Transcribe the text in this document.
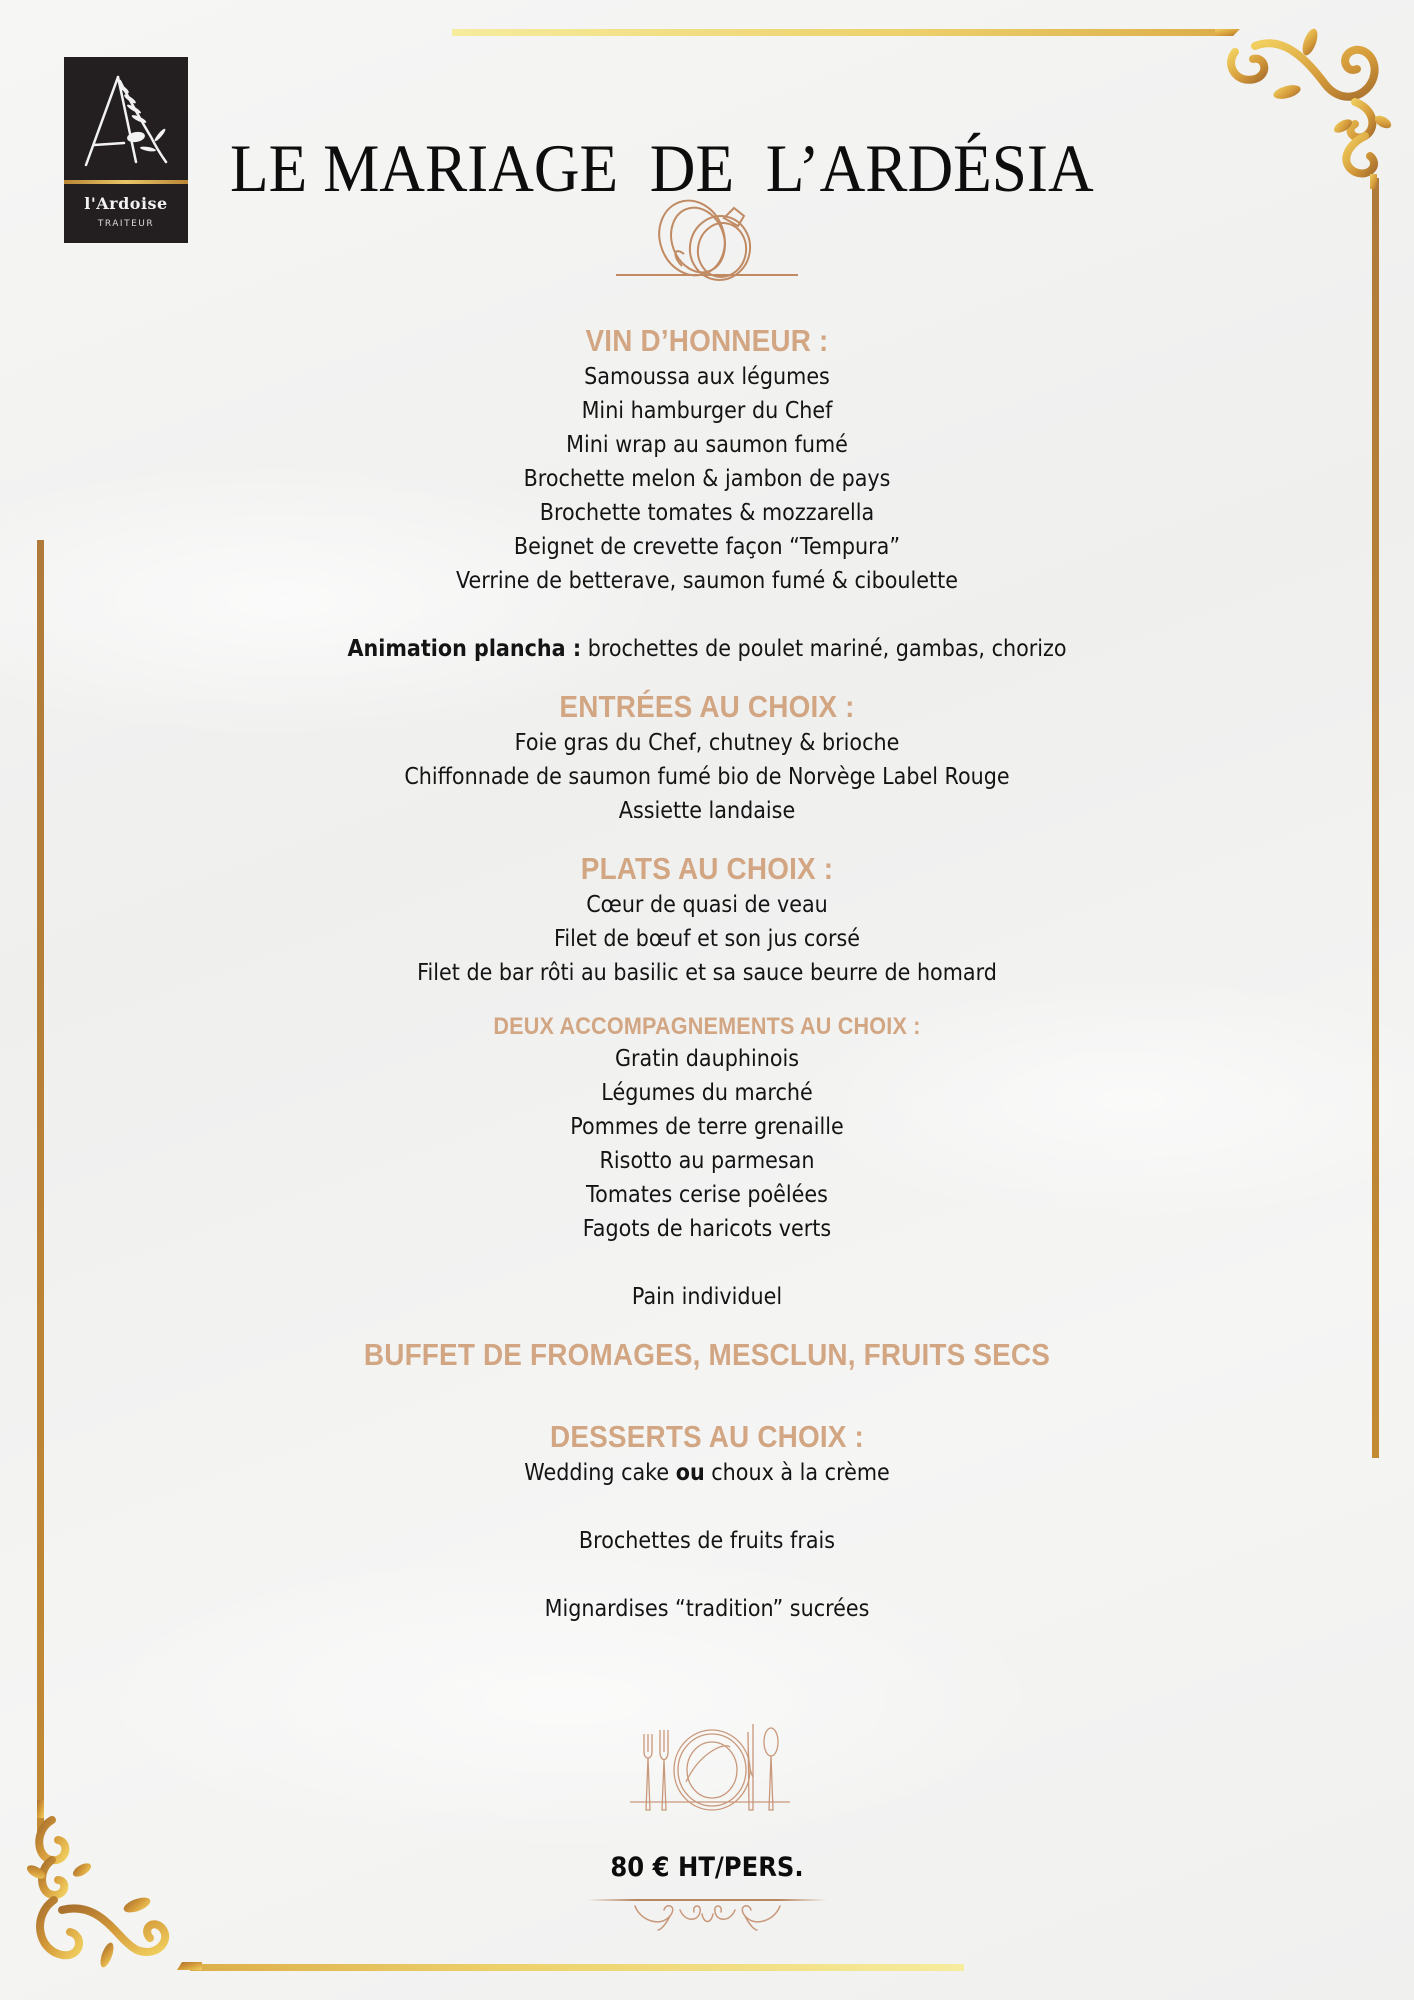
l'Ardoise
TRAITEUR
LE MARIAGE  DE  L’ARDÉSIA
VIN D’HONNEUR :
Samoussa aux légumes
Mini hamburger du Chef
Mini wrap au saumon fumé
Brochette melon & jambon de pays
Brochette tomates & mozzarella
Beignet de crevette façon “Tempura”
Verrine de betterave, saumon fumé & ciboulette
Animation plancha : brochettes de poulet mariné, gambas, chorizo
ENTRÉES AU CHOIX :
Foie gras du Chef, chutney & brioche
Chiffonnade de saumon fumé bio de Norvège Label Rouge
Assiette landaise
PLATS AU CHOIX :
Cœur de quasi de veau
Filet de bœuf et son jus corsé
Filet de bar rôti au basilic et sa sauce beurre de homard
DEUX ACCOMPAGNEMENTS AU CHOIX :
Gratin dauphinois
Légumes du marché
Pommes de terre grenaille
Risotto au parmesan
Tomates cerise poêlées
Fagots de haricots verts
Pain individuel
BUFFET DE FROMAGES, MESCLUN, FRUITS SECS
DESSERTS AU CHOIX :
Wedding cake ou choux à la crème
Brochettes de fruits frais
Mignardises “tradition” sucrées
80 € HT/PERS.
